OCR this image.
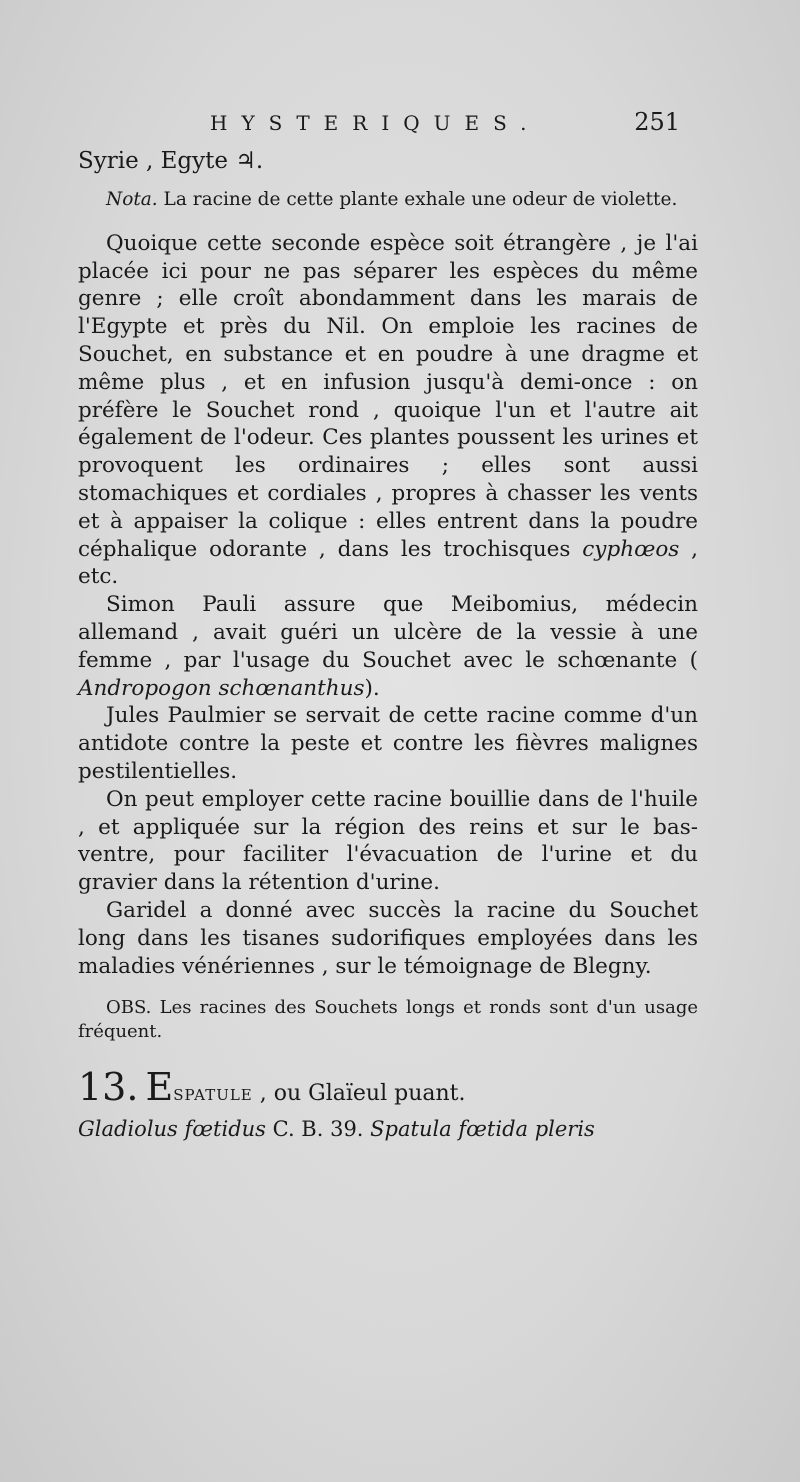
HYSTERIQUES.	251

Syrie , Egyte ♃.

Nota. La racine de cette plante exhale une odeur de violette.

Quoique cette seconde espèce soit étrangère , je l'ai placée ici pour ne pas séparer les espèces du même genre ; elle croît abondamment dans les marais de l'Egypte et près du Nil. On emploie les racines de Souchet, en substance et en poudre à une dragme et même plus , et en infusion jusqu'à demi-once : on préfère le Souchet rond , quoique l'un et l'autre ait également de l'odeur. Ces plantes poussent les urines et provoquent les ordinaires ; elles sont aussi stomachiques et cordiales , propres à chasser les vents et à appaiser la colique : elles entrent dans la poudre céphalique odorante , dans les trochisques cyphœos , etc.

Simon Pauli assure que Meibomius, médecin allemand , avait guéri un ulcère de la vessie à une femme , par l'usage du Souchet avec le schœnante ( Andropogon schœnanthus).

Jules Paulmier se servait de cette racine comme d'un antidote contre la peste et contre les fièvres malignes pestilentielles.

On peut employer cette racine bouillie dans de l'huile , et appliquée sur la région des reins et sur le bas-ventre, pour faciliter l'évacuation de l'urine et du gravier dans la rétention d'urine.

Garidel a donné avec succès la racine du Souchet long dans les tisanes sudorifiques employées dans les maladies vénériennes , sur le témoignage de Blegny.

OBS. Les racines des Souchets longs et ronds sont d'un usage fréquent.

13. ESPATULE , ou Glaïeul puant.

Gladiolus fœtidus C. B. 39. Spatula fœtida pleris
